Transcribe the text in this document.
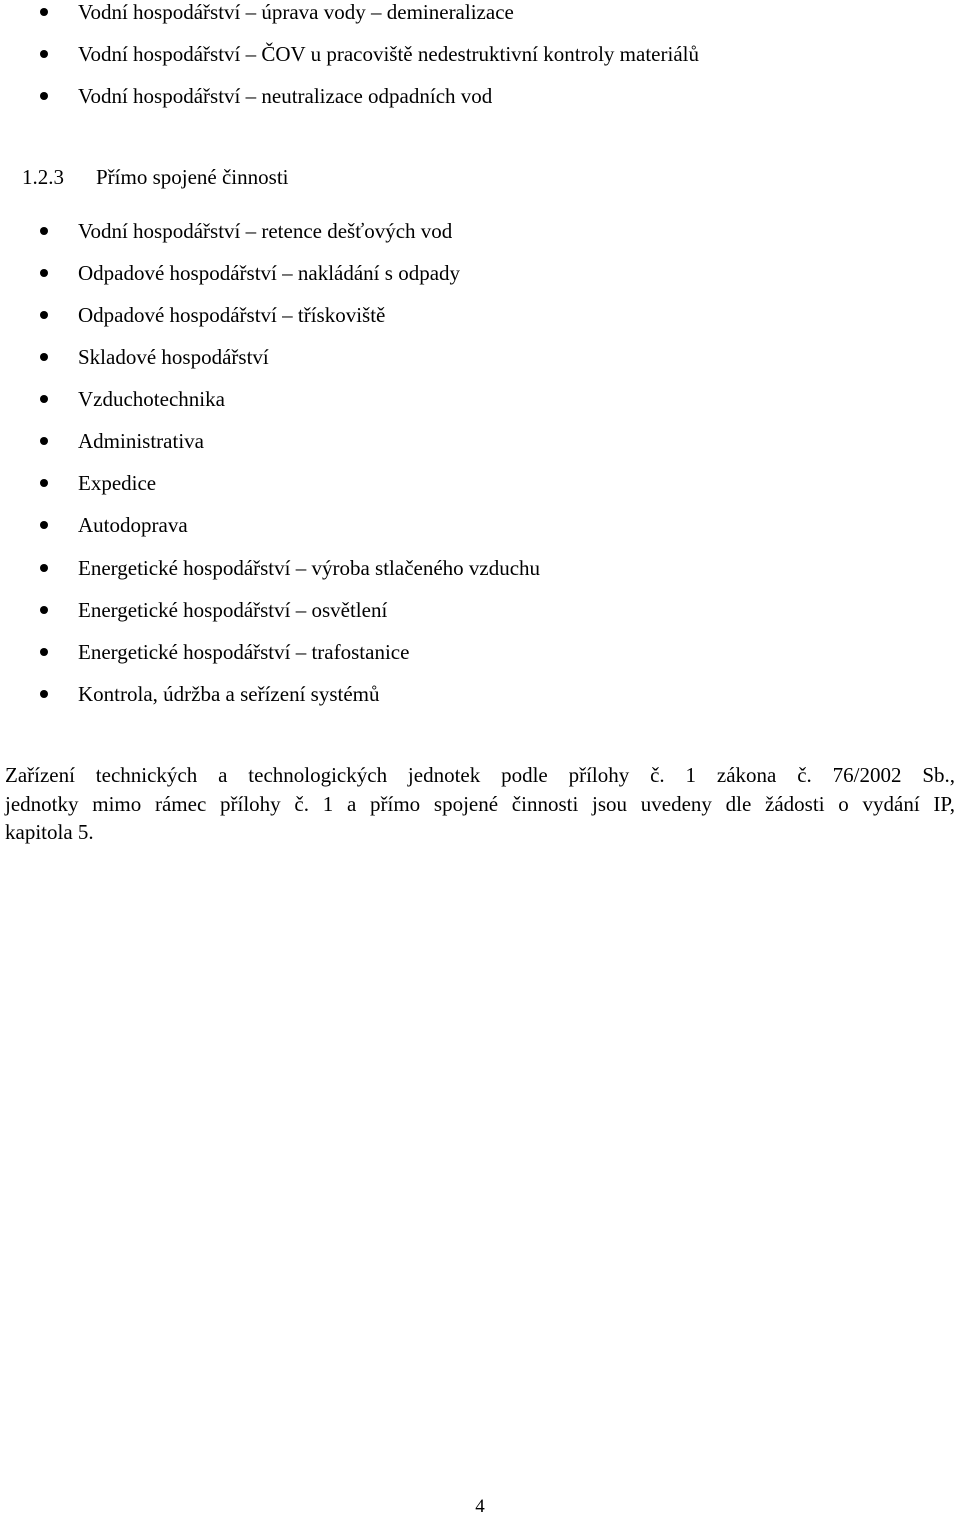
Vodní hospodářství – úprava vody – demineralizace
Vodní hospodářství – ČOV u pracoviště nedestruktivní kontroly materiálů
Vodní hospodářství – neutralizace odpadních vod
1.2.3 Přímo spojené činnosti
Vodní hospodářství – retence dešťových vod
Odpadové hospodářství – nakládání s odpady
Odpadové hospodářství – třískoviště
Skladové hospodářství
Vzduchotechnika
Administrativa
Expedice
Autodoprava
Energetické hospodářství – výroba stlačeného vzduchu
Energetické hospodářství – osvětlení
Energetické hospodářství – trafostanice
Kontrola, údržba a seřízení systémů
Zařízení technických a technologických jednotek podle přílohy č. 1 zákona č. 76/2002 Sb.,
jednotky mimo rámec přílohy č. 1 a přímo spojené činnosti jsou uvedeny dle žádosti o vydání IP,
kapitola 5.
4
